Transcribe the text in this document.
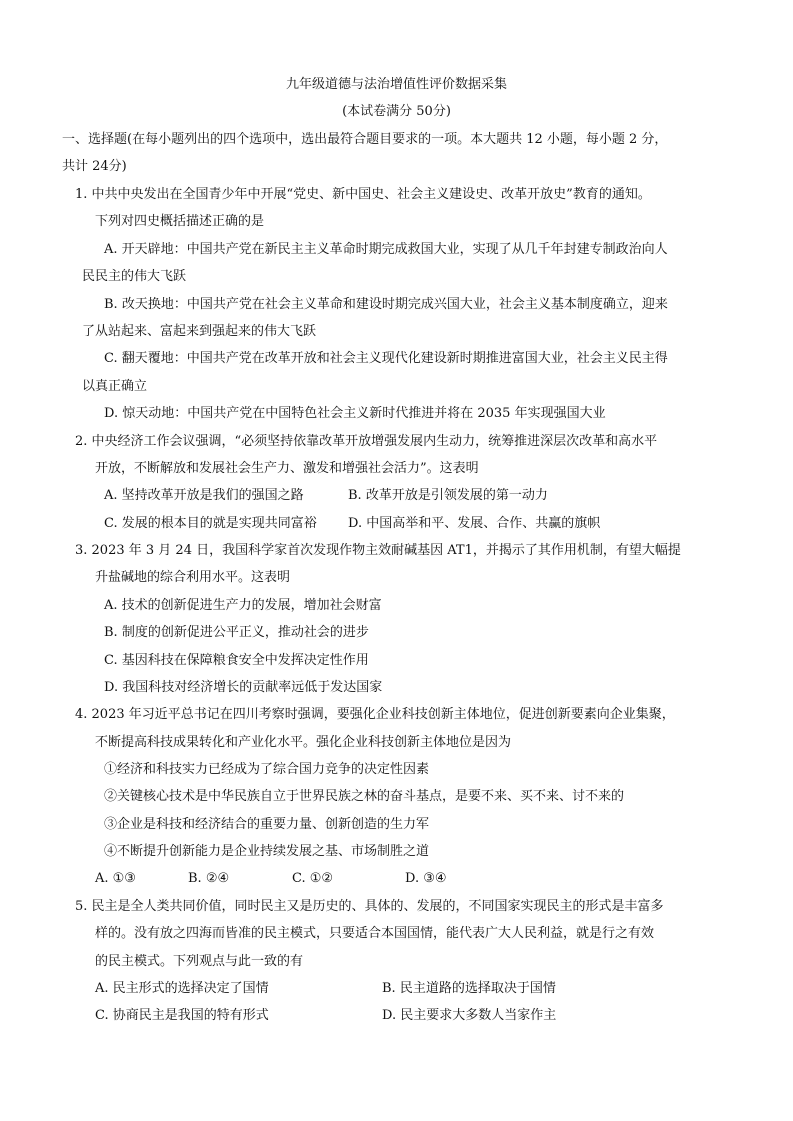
九年级道德与法治增值性评价数据采集
(本试卷满分 50分)
一、选择题(在每小题列出的四个选项中，选出最符合题目要求的一项。本大题共 12 小题，每小题 2 分，
共计 24分)
1. 中共中央发出在全国青少年中开展“党史、新中国史、社会主义建设史、改革开放史”教育的通知。
下列对四史概括描述正确的是
A. 开天辟地：中国共产党在新民主主义革命时期完成救国大业，实现了从几千年封建专制政治向人
民民主的伟大飞跃
B. 改天换地：中国共产党在社会主义革命和建设时期完成兴国大业，社会主义基本制度确立，迎来
了从站起来、富起来到强起来的伟大飞跃
C. 翻天覆地：中国共产党在改革开放和社会主义现代化建设新时期推进富国大业，社会主义民主得
以真正确立
D. 惊天动地：中国共产党在中国特色社会主义新时代推进并将在 2035 年实现强国大业
2. 中央经济工作会议强调，“必须坚持依靠改革开放增强发展内生动力，统筹推进深层次改革和高水平
开放，不断解放和发展社会生产力、激发和增强社会活力”。这表明
A. 坚持改革开放是我们的强国之路	B. 改革开放是引领发展的第一动力
C. 发展的根本目的就是实现共同富裕 D. 中国高举和平、发展、合作、共赢的旗帜
3. 2023 年 3 月 24 日，我国科学家首次发现作物主效耐碱基因 AT1，并揭示了其作用机制，有望大幅提
升盐碱地的综合利用水平。这表明
A. 技术的创新促进生产力的发展，增加社会财富
B. 制度的创新促进公平正义，推动社会的进步
C. 基因科技在保障粮食安全中发挥决定性作用
D. 我国科技对经济增长的贡献率远低于发达国家
4. 2023 年习近平总书记在四川考察时强调，要强化企业科技创新主体地位，促进创新要素向企业集聚，
不断提高科技成果转化和产业化水平。强化企业科技创新主体地位是因为
①经济和科技实力已经成为了综合国力竞争的决定性因素
②关键核心技术是中华民族自立于世界民族之林的奋斗基点，是要不来、买不来、讨不来的
③企业是科技和经济结合的重要力量、创新创造的生力军
④不断提升创新能力是企业持续发展之基、市场制胜之道
A. ①③	B. ②④	C. ①②	D. ③④
5. 民主是全人类共同价值，同时民主又是历史的、具体的、发展的，不同国家实现民主的形式是丰富多
样的。没有放之四海而皆准的民主模式，只要适合本国国情，能代表广大人民利益，就是行之有效
的民主模式。下列观点与此一致的有
A. 民主形式的选择决定了国情	B. 民主道路的选择取决于国情
C. 协商民主是我国的特有形式	D. 民主要求大多数人当家作主
